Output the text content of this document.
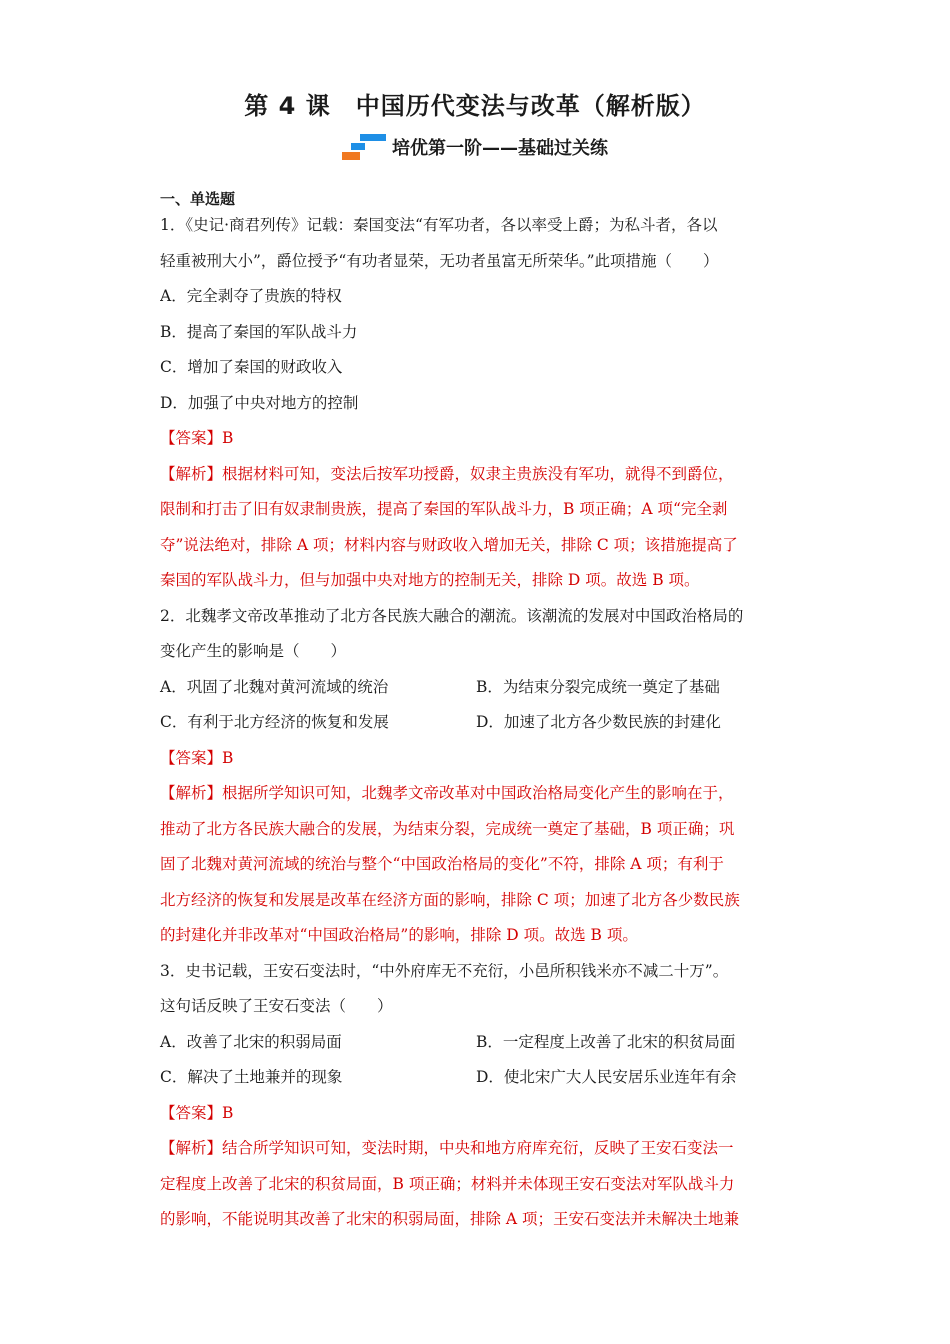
第 4 课　中国历代变法与改革（解析版）
培优第一阶——基础过关练
一、单选题
1．《史记·商君列传》记载：秦国变法“有军功者，各以率受上爵；为私斗者，各以
轻重被刑大小”，爵位授予“有功者显荣，无功者虽富无所荣华。”此项措施（　　）
A．完全剥夺了贵族的特权
B．提高了秦国的军队战斗力
C．增加了秦国的财政收入
D．加强了中央对地方的控制
【答案】B
【解析】根据材料可知，变法后按军功授爵，奴隶主贵族没有军功，就得不到爵位，
限制和打击了旧有奴隶制贵族，提高了秦国的军队战斗力，B 项正确；A 项“完全剥
夺”说法绝对，排除 A 项；材料内容与财政收入增加无关，排除 C 项；该措施提高了
秦国的军队战斗力，但与加强中央对地方的控制无关，排除 D 项。故选 B 项。
2．北魏孝文帝改革推动了北方各民族大融合的潮流。该潮流的发展对中国政治格局的
变化产生的影响是（　　）
A．巩固了北魏对黄河流域的统治	B．为结束分裂完成统一奠定了基础
C．有利于北方经济的恢复和发展	D．加速了北方各少数民族的封建化
【答案】B
【解析】根据所学知识可知，北魏孝文帝改革对中国政治格局变化产生的影响在于，
推动了北方各民族大融合的发展，为结束分裂，完成统一奠定了基础，B 项正确；巩
固了北魏对黄河流域的统治与整个“中国政治格局的变化”不符，排除 A 项；有利于
北方经济的恢复和发展是改革在经济方面的影响，排除 C 项；加速了北方各少数民族
的封建化并非改革对“中国政治格局”的影响，排除 D 项。故选 B 项。
3．史书记载，王安石变法时，“中外府库无不充衍，小邑所积钱米亦不减二十万”。
这句话反映了王安石变法（　　）
A．改善了北宋的积弱局面	B．一定程度上改善了北宋的积贫局面
C．解决了土地兼并的现象	D．使北宋广大人民安居乐业连年有余
【答案】B
【解析】结合所学知识可知，变法时期，中央和地方府库充衍，反映了王安石变法一
定程度上改善了北宋的积贫局面，B 项正确；材料并未体现王安石变法对军队战斗力
的影响，不能说明其改善了北宋的积弱局面，排除 A 项；王安石变法并未解决土地兼
